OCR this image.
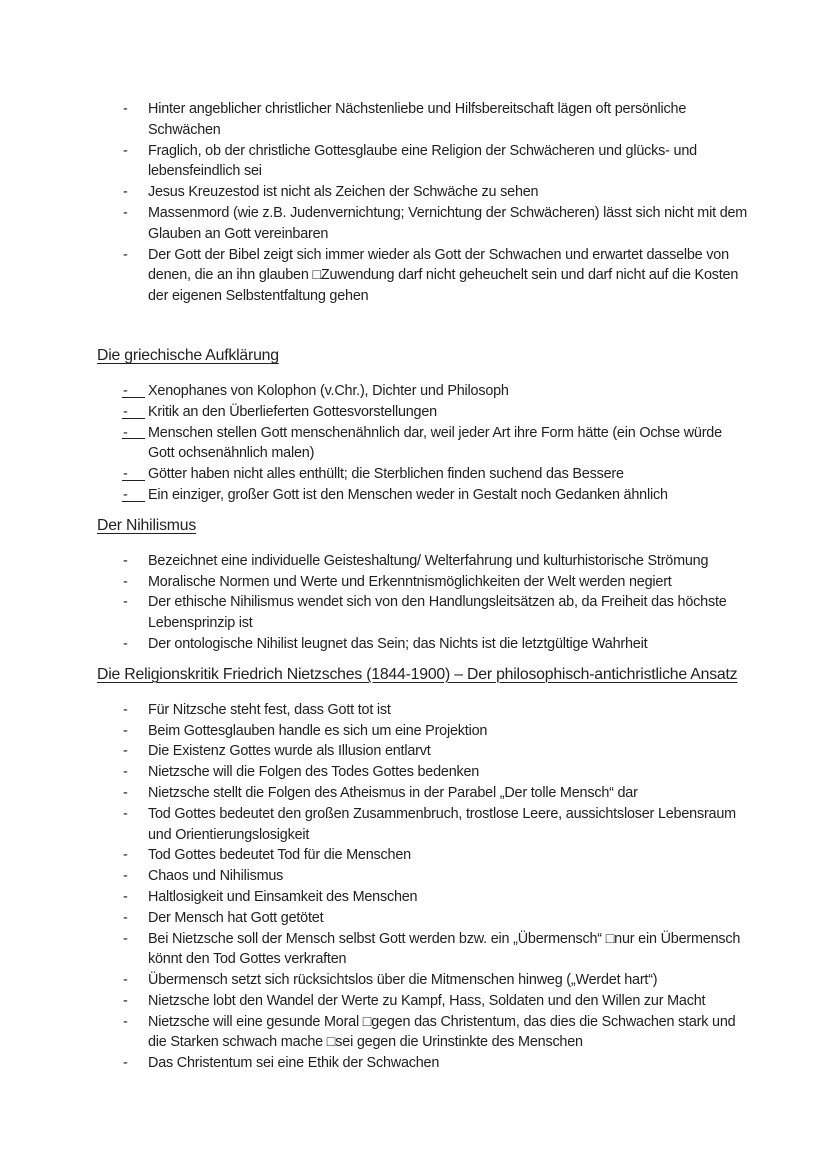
-	Hinter angeblicher christlicher Nächstenliebe und Hilfsbereitschaft lägen oft persönliche Schwächen
-	Fraglich, ob der christliche Gottesglaube eine Religion der Schwächeren und glücks- und lebensfeindlich sei
-	Jesus Kreuzestod ist nicht als Zeichen der Schwäche zu sehen
-	Massenmord (wie z.B. Judenvernichtung; Vernichtung der Schwächeren) lässt sich nicht mit dem Glauben an Gott vereinbaren
-	Der Gott der Bibel zeigt sich immer wieder als Gott der Schwachen und erwartet dasselbe von denen, die an ihn glauben □Zuwendung darf nicht geheuchelt sein und darf nicht auf die Kosten der eigenen Selbstentfaltung gehen
Die griechische Aufklärung
-	Xenophanes von Kolophon (v.Chr.), Dichter und Philosoph
-	Kritik an den Überlieferten Gottesvorstellungen
-	Menschen stellen Gott menschenähnlich dar, weil jeder Art ihre Form hätte (ein Ochse würde Gott ochsenähnlich malen)
-	Götter haben nicht alles enthüllt; die Sterblichen finden suchend das Bessere
-	Ein einziger, großer Gott ist den Menschen weder in Gestalt noch Gedanken ähnlich
Der Nihilismus
-	Bezeichnet eine individuelle Geisteshaltung/ Welterfahrung und kulturhistorische Strömung
-	Moralische Normen und Werte und Erkenntnismöglichkeiten der Welt werden negiert
-	Der ethische Nihilismus wendet sich von den Handlungsleitsätzen ab, da Freiheit das höchste Lebensprinzip ist
-	Der ontologische Nihilist leugnet das Sein; das Nichts ist die letztgültige Wahrheit
Die Religionskritik Friedrich Nietzsches (1844-1900) – Der philosophisch-antichristliche Ansatz
-	Für Nitzsche steht fest, dass Gott tot ist
-	Beim Gottesglauben handle es sich um eine Projektion
-	Die Existenz Gottes wurde als Illusion entlarvt
-	Nietzsche will die Folgen des Todes Gottes bedenken
-	Nietzsche stellt die Folgen des Atheismus in der Parabel „Der tolle Mensch“ dar
-	Tod Gottes bedeutet den großen Zusammenbruch, trostlose Leere, aussichtsloser Lebensraum und Orientierungslosigkeit
-	Tod Gottes bedeutet Tod für die Menschen
-	Chaos und Nihilismus
-	Haltlosigkeit und Einsamkeit des Menschen
-	Der Mensch hat Gott getötet
-	Bei Nietzsche soll der Mensch selbst Gott werden bzw. ein „Übermensch“ □nur ein Übermensch könnt den Tod Gottes verkraften
-	Übermensch setzt sich rücksichtslos über die Mitmenschen hinweg („Werdet hart“)
-	Nietzsche lobt den Wandel der Werte zu Kampf, Hass, Soldaten und den Willen zur Macht
-	Nietzsche will eine gesunde Moral □gegen das Christentum, das dies die Schwachen stark und die Starken schwach mache □sei gegen die Urinstinkte des Menschen
-	Das Christentum sei eine Ethik der Schwachen
